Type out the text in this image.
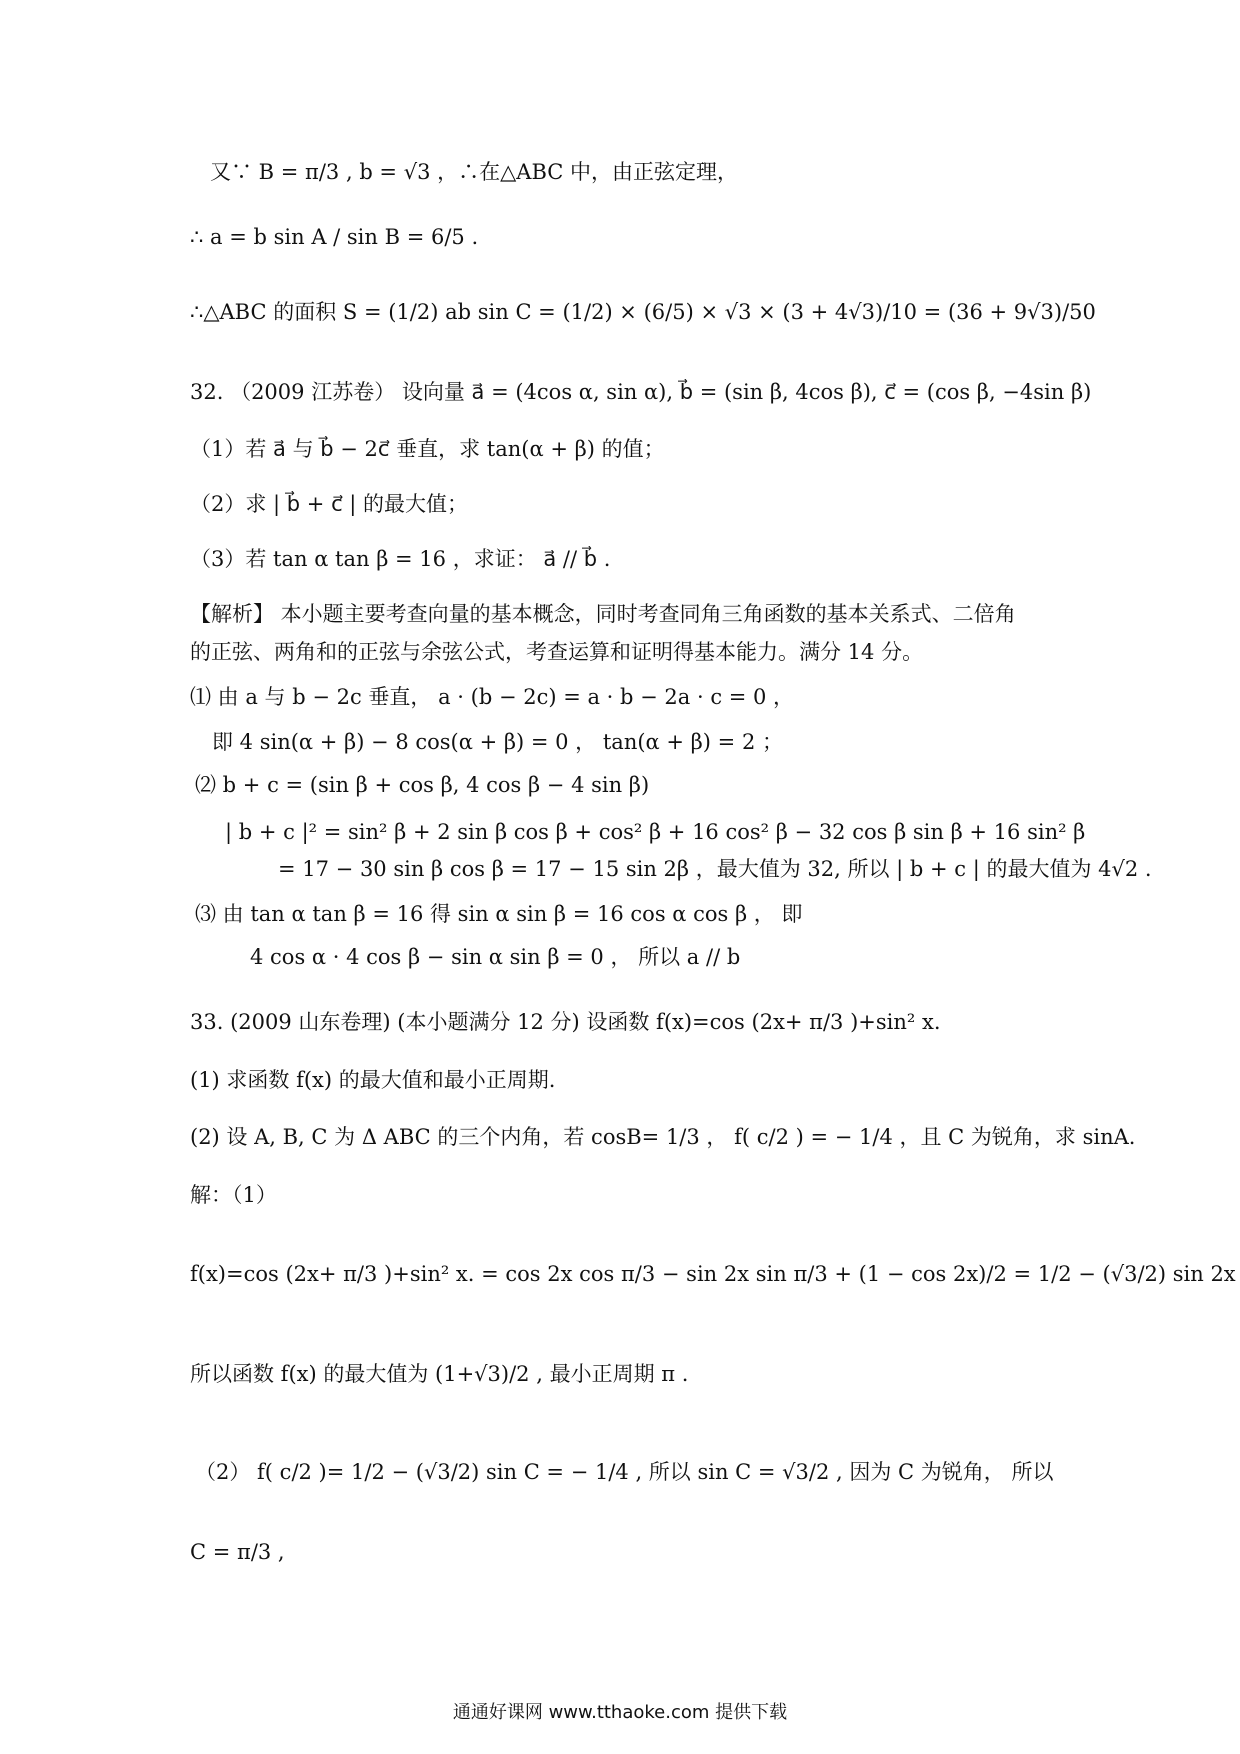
又∵ B = π/3 , b = √3 ，∴在△ABC 中，由正弦定理，
∴ a = b sin A / sin B = 6/5 .
∴△ABC 的面积 S = (1/2) ab sin C = (1/2) × (6/5) × √3 × (3 + 4√3)/10 = (36 + 9√3)/50
32. （2009 江苏卷） 设向量 a⃗ = (4cos α, sin α), b⃗ = (sin β, 4cos β), c⃗ = (cos β, −4sin β)
（1）若 a⃗ 与 b⃗ − 2c⃗ 垂直，求 tan(α + β) 的值；
（2）求 | b⃗ + c⃗ | 的最大值；
（3）若 tan α tan β = 16 ，求证： a⃗ // b⃗ .
【解析】 本小题主要考查向量的基本概念，同时考查同角三角函数的基本关系式、二倍角
的正弦、两角和的正弦与余弦公式，考查运算和证明得基本能力。满分 14 分。
⑴ 由 a 与 b − 2c 垂直， a · (b − 2c) = a · b − 2a · c = 0 ，
即 4 sin(α + β) − 8 cos(α + β) = 0 ， tan(α + β) = 2 ；
⑵ b + c = (sin β + cos β, 4 cos β − 4 sin β)
| b + c |² = sin² β + 2 sin β cos β + cos² β + 16 cos² β − 32 cos β sin β + 16 sin² β
= 17 − 30 sin β cos β = 17 − 15 sin 2β ，最大值为 32, 所以 | b + c | 的最大值为 4√2 .
⑶ 由 tan α tan β = 16 得 sin α sin β = 16 cos α cos β ， 即
4 cos α · 4 cos β − sin α sin β = 0 ， 所以 a // b
33. (2009 山东卷理) (本小题满分 12 分) 设函数 f(x)=cos (2x+ π/3 )+sin² x.
(1) 求函数 f(x) 的最大值和最小正周期.
(2) 设 A, B, C 为 Δ ABC 的三个内角，若 cosB= 1/3 ， f( c/2 ) = − 1/4 ，且 C 为锐角，求 sinA.
解：（1）
f(x)=cos (2x+ π/3 )+sin² x. = cos 2x cos π/3 − sin 2x sin π/3 + (1 − cos 2x)/2 = 1/2 − (√3/2) sin 2x
所以函数 f(x) 的最大值为 (1+√3)/2 , 最小正周期 π .
（2） f( c/2 )= 1/2 − (√3/2) sin C = − 1/4 , 所以 sin C = √3/2 , 因为 C 为锐角， 所以
C = π/3 ,
通通好课网 www.tthaoke.com 提供下载
